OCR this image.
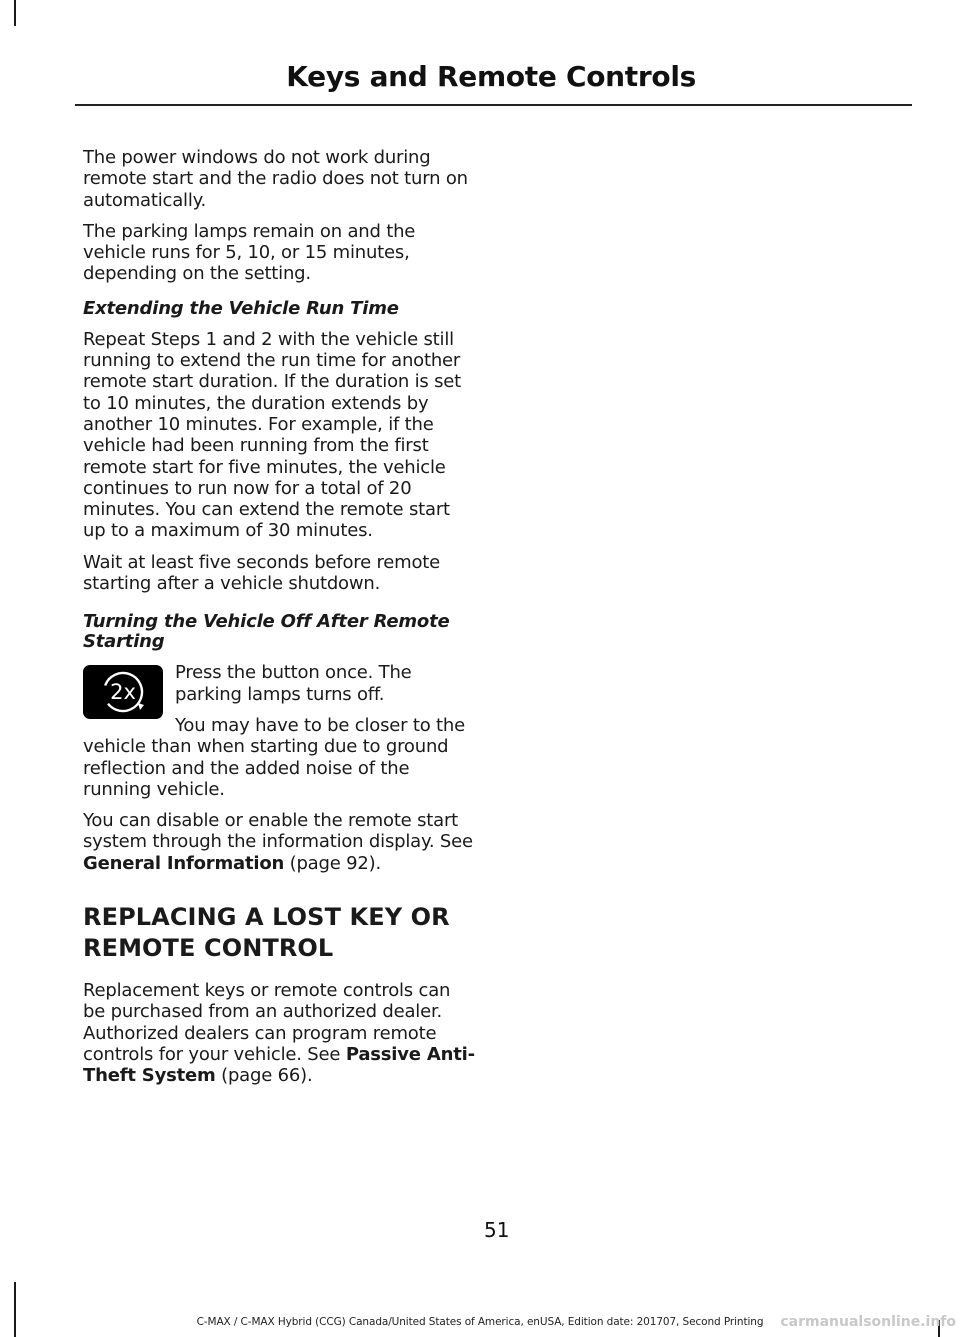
Keys and Remote Controls

The power windows do not work during remote start and the radio does not turn on automatically.

The parking lamps remain on and the vehicle runs for 5, 10, or 15 minutes, depending on the setting.

Extending the Vehicle Run Time

Repeat Steps 1 and 2 with the vehicle still running to extend the run time for another remote start duration. If the duration is set to 10 minutes, the duration extends by another 10 minutes. For example, if the vehicle had been running from the first remote start for five minutes, the vehicle continues to run now for a total of 20 minutes. You can extend the remote start up to a maximum of 30 minutes.

Wait at least five seconds before remote starting after a vehicle shutdown.

Turning the Vehicle Off After Remote Starting
2x

Press the button once. The parking lamps turns off.

You may have to be closer to the vehicle than when starting due to ground reflection and the added noise of the running vehicle.

You can disable or enable the remote start system through the information display. See General Information (page 92).

REPLACING A LOST KEY OR
REMOTE CONTROL

Replacement keys or remote controls can be purchased from an authorized dealer. Authorized dealers can program remote controls for your vehicle. See Passive Anti-Theft System (page 66).

51
C-MAX / C-MAX Hybrid (CCG) Canada/United States of America, enUSA, Edition date: 201707, Second Printing	carmanualsonline.info
